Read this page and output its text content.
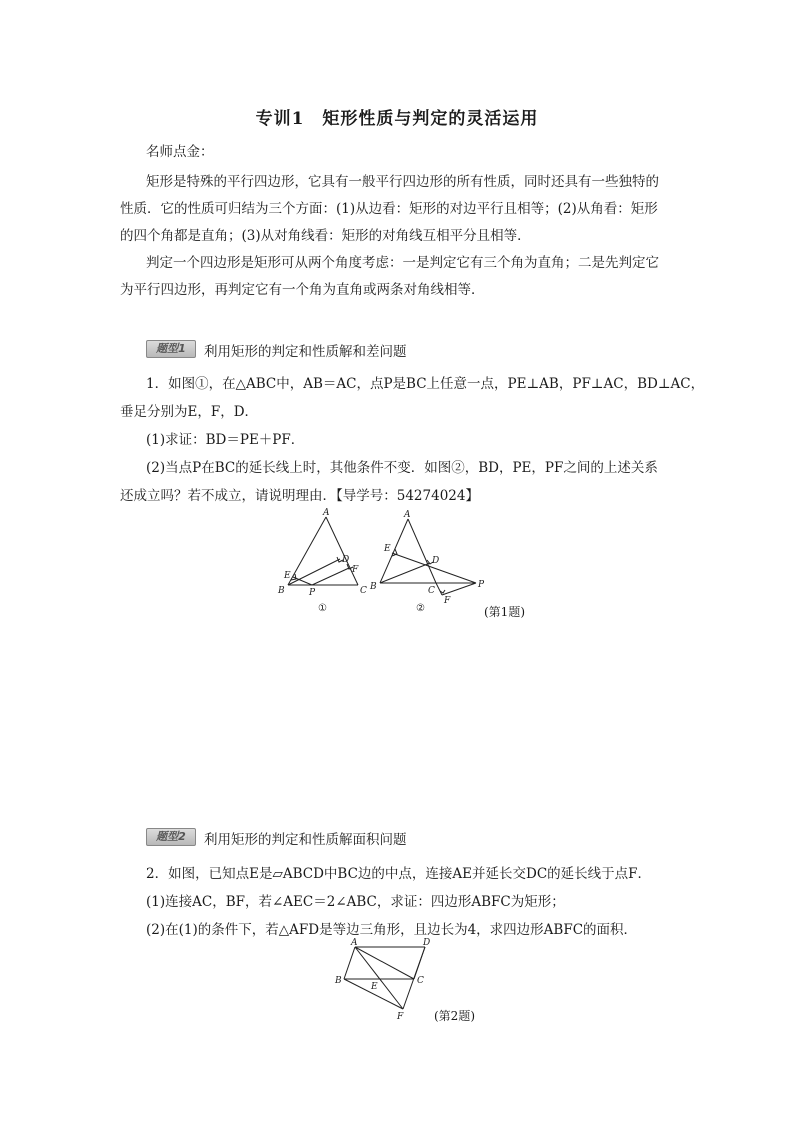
专训1　矩形性质与判定的灵活运用
名师点金：
矩形是特殊的平行四边形，它具有一般平行四边形的所有性质，同时还具有一些独特的
性质．它的性质可归结为三个方面：(1)从边看：矩形的对边平行且相等；(2)从角看：矩形
的四个角都是直角；(3)从对角线看：矩形的对角线互相平分且相等．
判定一个四边形是矩形可从两个角度考虑：一是判定它有三个角为直角；二是先判定它
为平行四边形，再判定它有一个角为直角或两条对角线相等．
题型1	利用矩形的判定和性质解和差问题
1．如图①，在△ABC中，AB＝AC，点P是BC上任意一点，PE⊥AB，PF⊥AC，BD⊥AC，
垂足分别为E，F，D．
(1)求证：BD＝PE＋PF．
(2)当点P在BC的延长线上时，其他条件不变．如图②，BD，PE，PF之间的上述关系
还成立吗？若不成立，请说明理由．【导学号：54274024】
A
B	C
D
E
F
P
①
A
B	C
D
E
F
P
②	(第1题)
题型2	利用矩形的判定和性质解面积问题
2．如图，已知点E是▱ABCD中BC边的中点，连接AE并延长交DC的延长线于点F．
(1)连接AC，BF，若∠AEC＝2∠ABC，求证：四边形ABFC为矩形；
(2)在(1)的条件下，若△AFD是等边三角形，且边长为4，求四边形ABFC的面积．
A	D
B	C
E
F	(第2题)
